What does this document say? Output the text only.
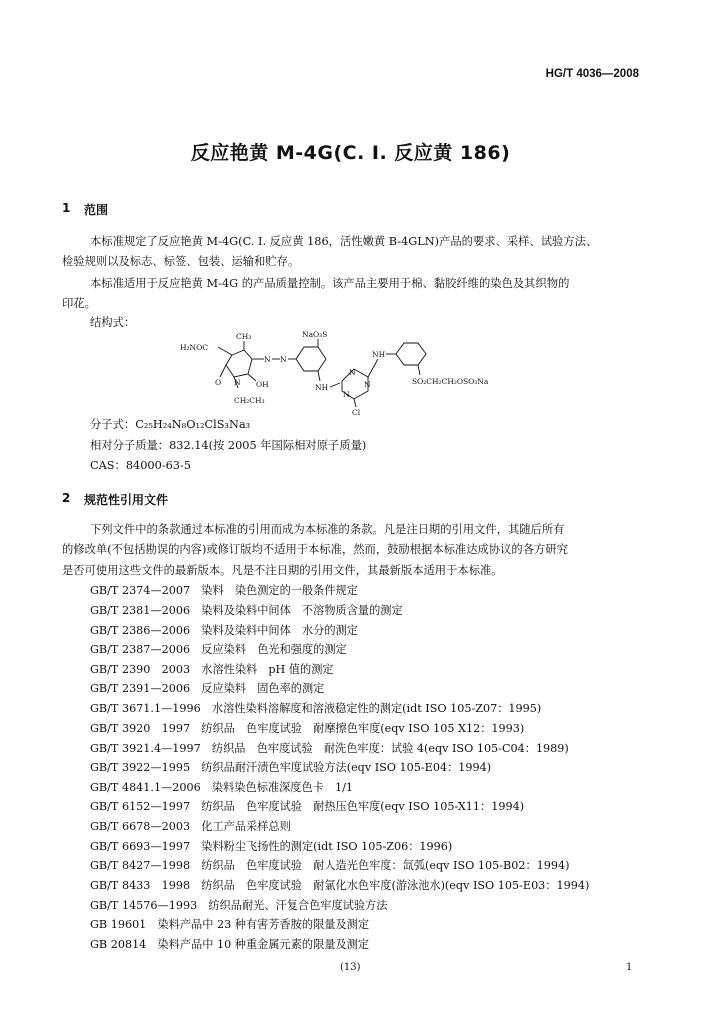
HG/T 4036—2008
反应艳黄 M-4G(C. I. 反应黄 186)
1 范围
本标准规定了反应艳黄 M-4G(C. I. 反应黄 186，活性嫩黄 B-4GLN)产品的要求、采样、试验方法、
检验规则以及标志、标签、包装、运输和贮存。
本标准适用于反应艳黄 M-4G 的产品质量控制。该产品主要用于棉、黏胶纤维的染色及其织物的
印花。
结构式：
CH₃
H₂NOC
O N OH
CH₂CH₃
N N
NaO₃S
NH
N
N
N
Cl
NH
SO₂CH₂CH₂OSO₃Na
分子式：C₂₅H₂₄N₈O₁₂ClS₃Na₃
相对分子质量：832.14(按 2005 年国际相对原子质量)
CAS：84000-63-5
2 规范性引用文件
下列文件中的条款通过本标准的引用而成为本标准的条款。凡是注日期的引用文件，其随后所有
的修改单(不包括勘误的内容)或修订版均不适用于本标准，然而，鼓励根据本标准达成协议的各方研究
是否可使用这些文件的最新版本。凡是不注日期的引用文件，其最新版本适用于本标准。
GB/T 2374—2007　染料　染色测定的一般条件规定
GB/T 2381—2006　染料及染料中间体　不溶物质含量的测定
GB/T 2386—2006　染料及染料中间体　水分的测定
GB/T 2387—2006　反应染料　色光和强度的测定
GB/T 2390　2003　水溶性染料　pH 值的测定
GB/T 2391—2006　反应染料　固色率的测定
GB/T 3671.1—1996　水溶性染料溶解度和溶液稳定性的测定(idt ISO 105-Z07：1995)
GB/T 3920　1997　纺织品　色牢度试验　耐摩擦色牢度(eqv ISO 105 X12：1993)
GB/T 3921.4—1997　纺织品　色牢度试验　耐洗色牢度：试验 4(eqv ISO 105-C04：1989)
GB/T 3922—1995　纺织品耐汗渍色牢度试验方法(eqv ISO 105-E04：1994)
GB/T 4841.1—2006　染料染色标准深度色卡　1/1
GB/T 6152—1997　纺织品　色牢度试验　耐热压色牢度(eqv ISO 105-X11：1994)
GB/T 6678—2003　化工产品采样总则
GB/T 6693—1997　染料粉尘飞扬性的测定(idt ISO 105-Z06：1996)
GB/T 8427—1998　纺织品　色牢度试验　耐人造光色牢度：氙弧(eqv ISO 105-B02：1994)
GB/T 8433　1998　纺织品　色牢度试验　耐氯化水色牢度(游泳池水)(eqv ISO 105-E03：1994)
GB/T 14576—1993　纺织品耐光、汗复合色牢度试验方法
GB 19601　染料产品中 23 种有害芳香胺的限量及测定
GB 20814　染料产品中 10 种重金属元素的限量及测定
(13)	1
